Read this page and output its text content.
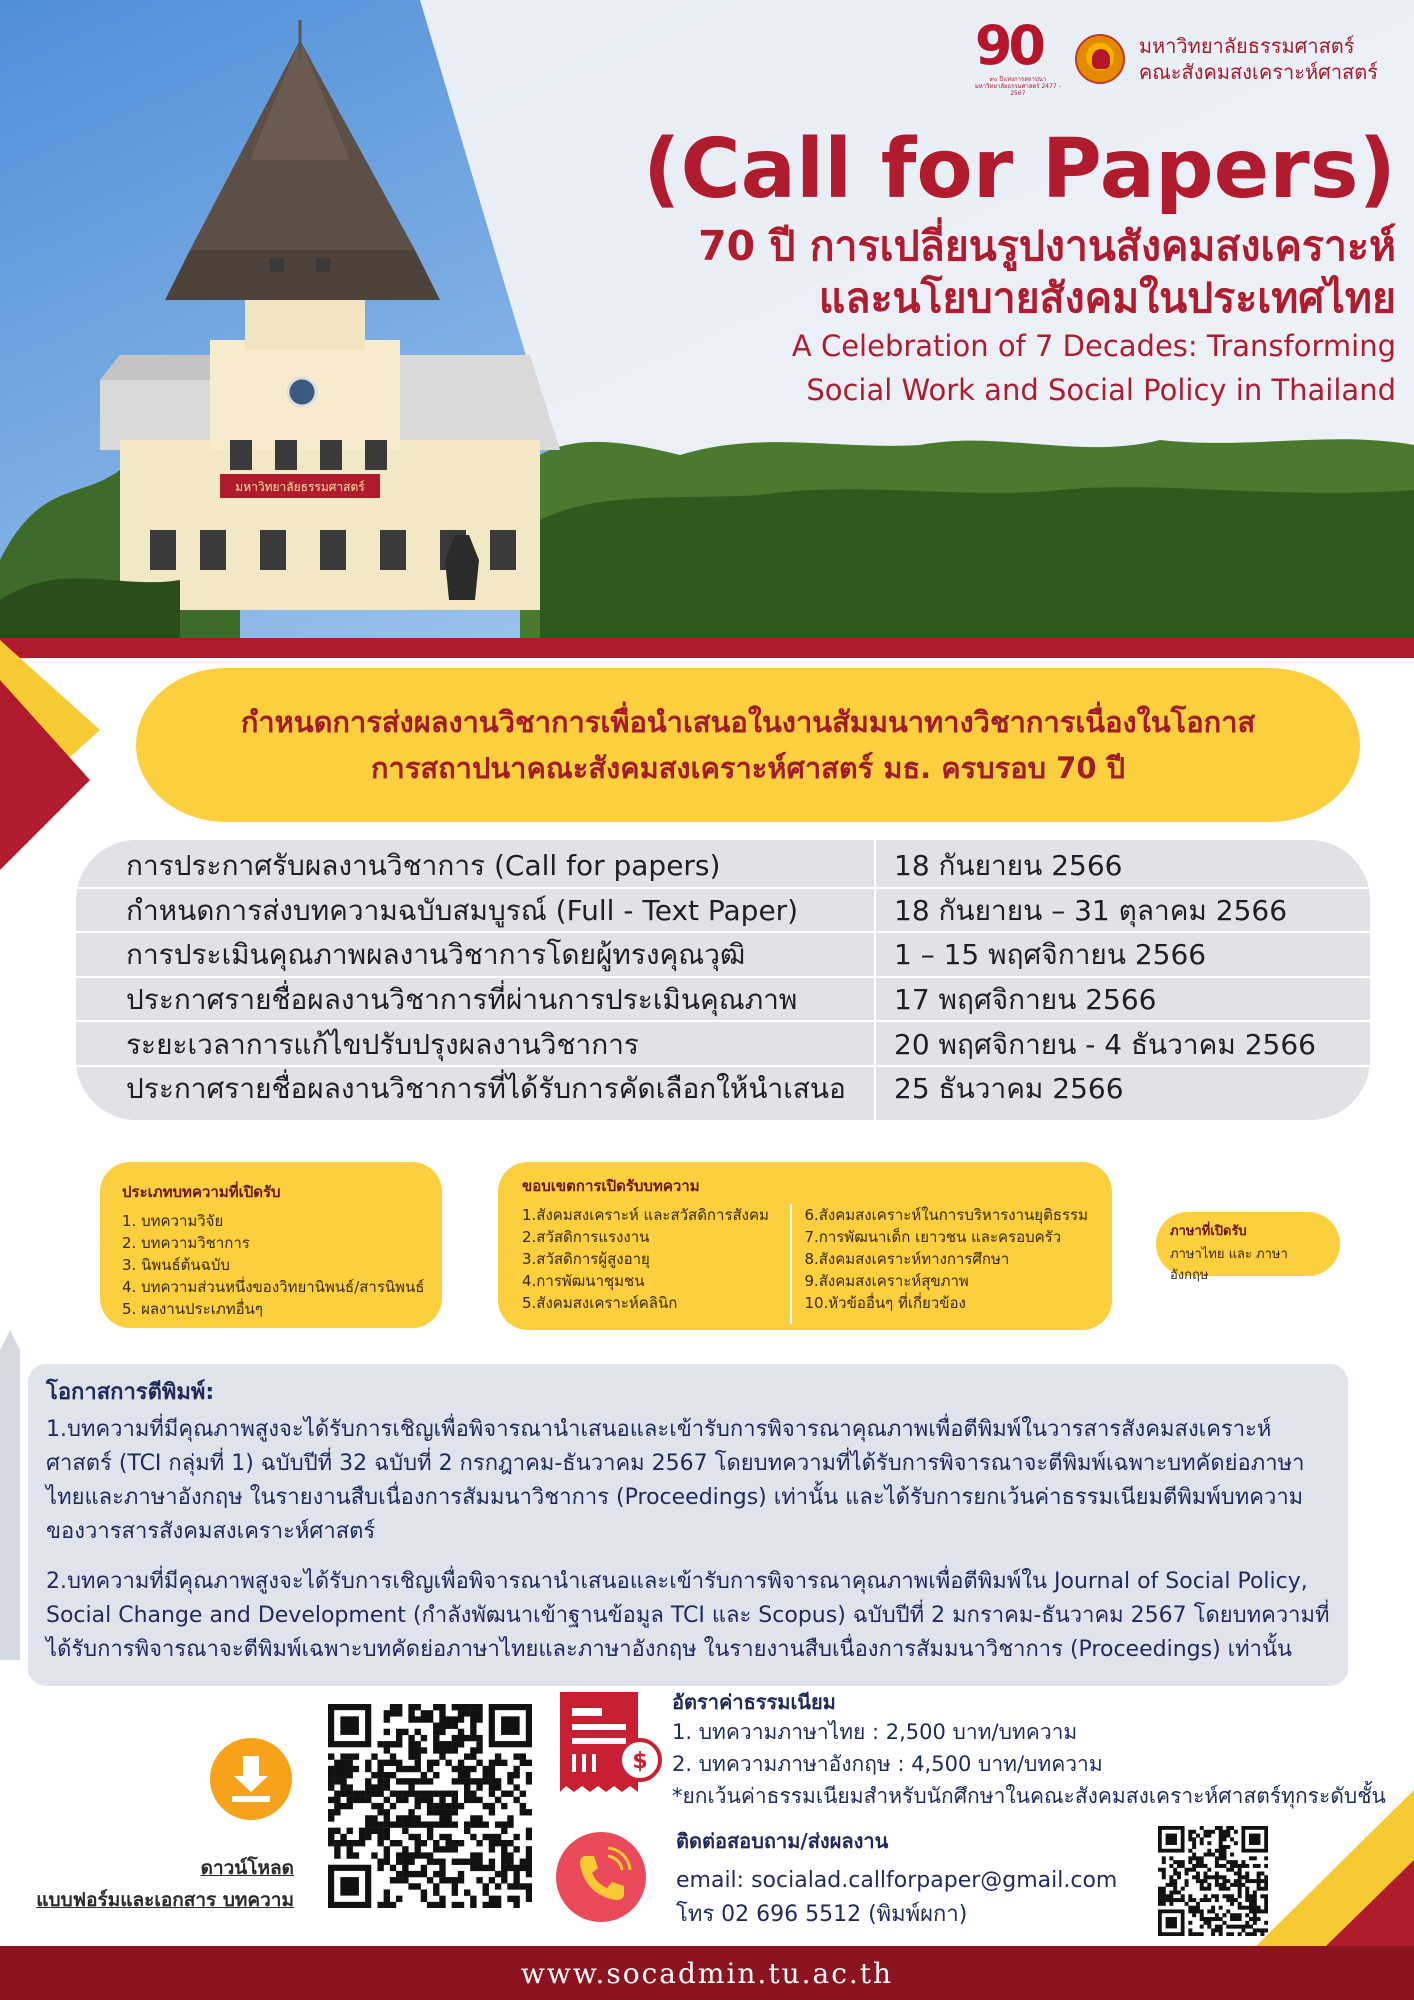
มหาวิทยาลัยธรรมศาสตร์
90
๙๐ ปีแห่งการสถาปนามหาวิทยาลัยธรรมศาสตร์ 2477 - 2567
มหาวิทยาลัยธรรมศาสตร์
คณะสังคมสงเคราะห์ศาสตร์

(Call for Papers)

70 ปี การเปลี่ยนรูปงานสังคมสงเคราะห์

และนโยบายสังคมในประเทศไทย

A Celebration of 7 Decades: Transforming

Social Work and Social Policy in Thailand

กำหนดการส่งผลงานวิชาการเพื่อนำเสนอในงานสัมมนาทางวิชาการเนื่องในโอกาส
การสถาปนาคณะสังคมสงเคราะห์ศาสตร์ มธ. ครบรอบ 70 ปี
การประกาศรับผลงานวิชาการ (Call for papers)	18 กันยายน 2566
กำหนดการส่งบทความฉบับสมบูรณ์ (Full - Text Paper)	18 กันยายน – 31 ตุลาคม 2566
การประเมินคุณภาพผลงานวิชาการโดยผู้ทรงคุณวุฒิ	1 – 15 พฤศจิกายน 2566
ประกาศรายชื่อผลงานวิชาการที่ผ่านการประเมินคุณภาพ	17 พฤศจิกายน 2566
ระยะเวลาการแก้ไขปรับปรุงผลงานวิชาการ	20 พฤศจิกายน - 4 ธันวาคม 2566
ประกาศรายชื่อผลงานวิชาการที่ได้รับการคัดเลือกให้นำเสนอ 25 ธันวาคม 2566
ประเภทบทความที่เปิดรับ
1. บทความวิจัย
2. บทความวิชาการ
3. นิพนธ์ต้นฉบับ
4. บทความส่วนหนึ่งของวิทยานิพนธ์/สารนิพนธ์
5. ผลงานประเภทอื่นๆ
ขอบเขตการเปิดรับบทความ
1.สังคมสงเคราะห์ และสวัสดิการสังคม
2.สวัสดิการแรงงาน
3.สวัสดิการผู้สูงอายุ
4.การพัฒนาชุมชน
5.สังคมสงเคราะห์คลินิก
6.สังคมสงเคราะห์ในการบริหารงานยุติธรรม
7.การพัฒนาเด็ก เยาวชน และครอบครัว
8.สังคมสงเคราะห์ทางการศึกษา
9.สังคมสงเคราะห์สุขภาพ
10.หัวข้ออื่นๆ ที่เกี่ยวข้อง
ภาษาที่เปิดรับ

ภาษาไทย และ ภาษาอังกฤษ

โอกาสการตีพิมพ์:

1.บทความที่มีคุณภาพสูงจะได้รับการเชิญเพื่อพิจารณานำเสนอและเข้ารับการพิจารณาคุณภาพเพื่อตีพิมพ์ในวารสารสังคมสงเคราะห์ศาสตร์ (TCI กลุ่มที่ 1) ฉบับปีที่ 32 ฉบับที่ 2 กรกฎาคม-ธันวาคม 2567 โดยบทความที่ได้รับการพิจารณาจะตีพิมพ์เฉพาะบทคัดย่อภาษาไทยและภาษาอังกฤษ ในรายงานสืบเนื่องการสัมมนาวิชาการ (Proceedings) เท่านั้น และได้รับการยกเว้นค่าธรรมเนียมตีพิมพ์บทความของวารสารสังคมสงเคราะห์ศาสตร์

2.บทความที่มีคุณภาพสูงจะได้รับการเชิญเพื่อพิจารณานำเสนอและเข้ารับการพิจารณาคุณภาพเพื่อตีพิมพ์ใน Journal of Social Policy, Social Change and Development (กำลังพัฒนาเข้าฐานข้อมูล TCI และ Scopus) ฉบับปีที่ 2 มกราคม-ธันวาคม 2567 โดยบทความที่ได้รับการพิจารณาจะตีพิมพ์เฉพาะบทคัดย่อภาษาไทยและภาษาอังกฤษ ในรายงานสืบเนื่องการสัมมนาวิชาการ (Proceedings) เท่านั้น

ดาวน์โหลด
แบบฟอร์มและเอกสาร บทความ
$
อัตราค่าธรรมเนียม
1. บทความภาษาไทย : 2,500 บาท/บทความ
2. บทความภาษาอังกฤษ : 4,500 บาท/บทความ
*ยกเว้นค่าธรรมเนียมสำหรับนักศึกษาในคณะสังคมสงเคราะห์ศาสตร์ทุกระดับชั้น
ติดต่อสอบถาม/ส่งผลงาน
email: socialad.callforpaper@gmail.com
โทร 02 696 5512 (พิมพ์ผกา)
www.socadmin.tu.ac.th
